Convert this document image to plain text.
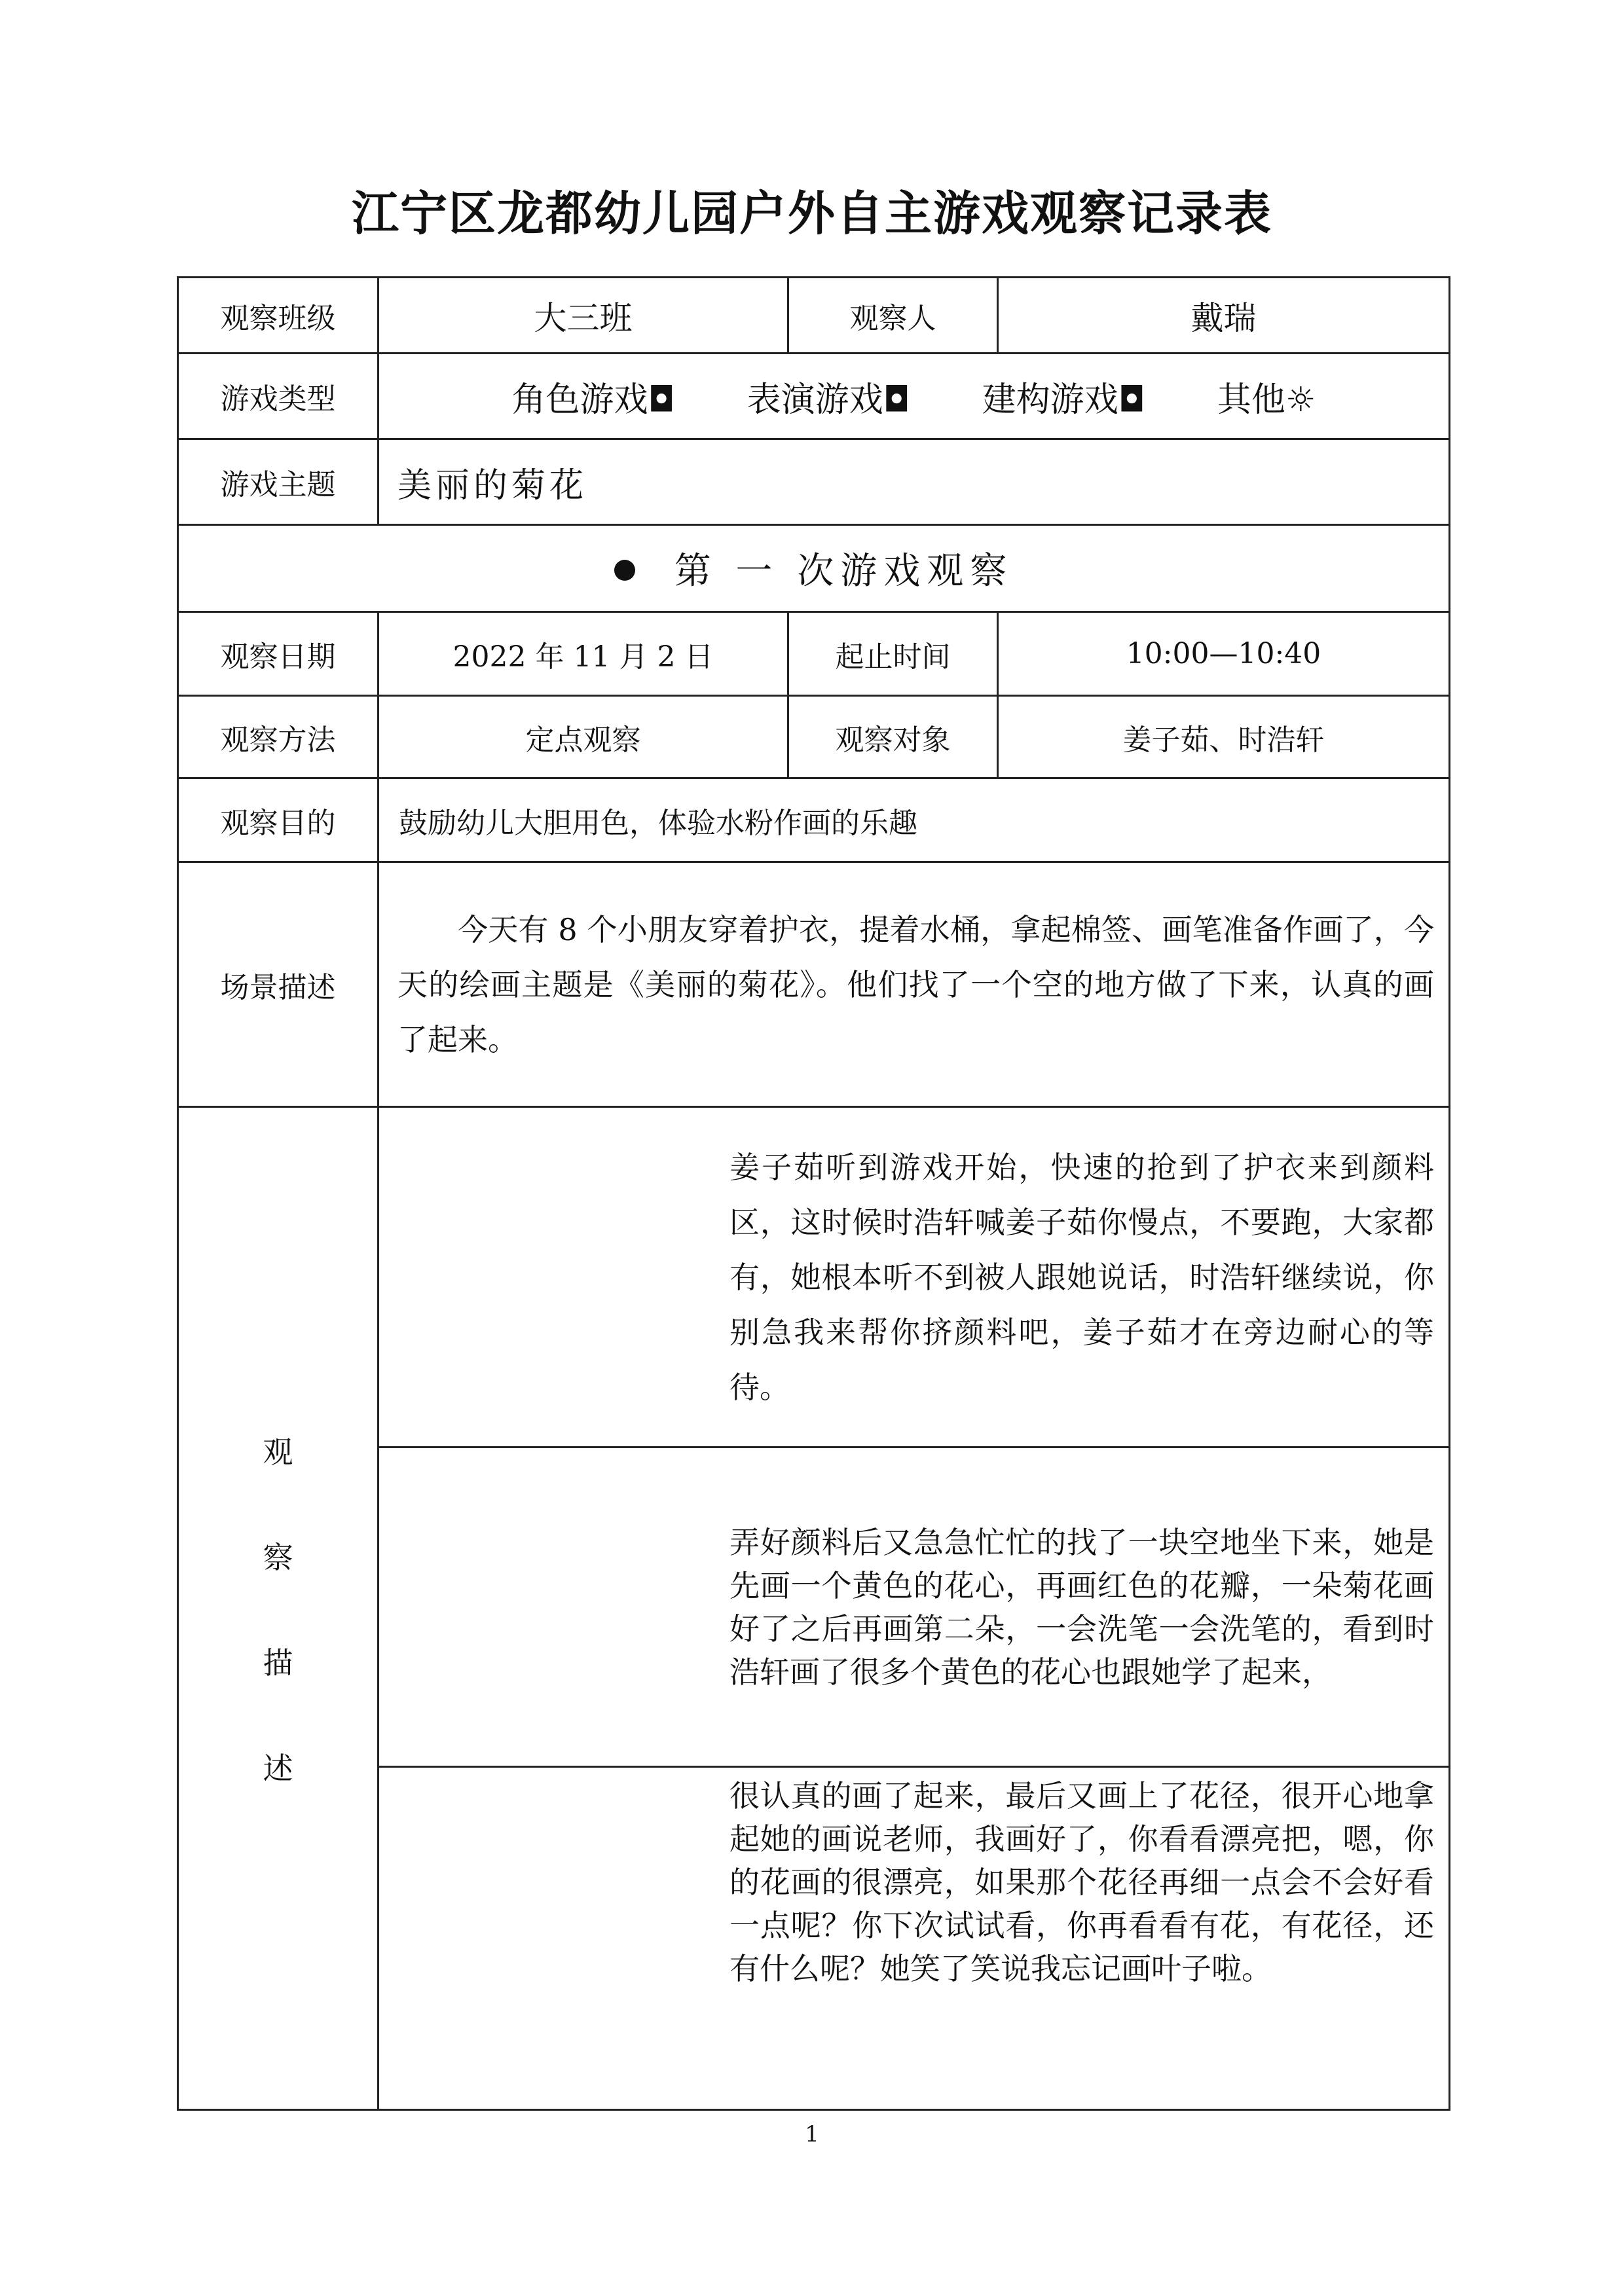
江宁区龙都幼儿园户外自主游戏观察记录表
观察班级	大三班	观察人	戴瑞
游戏类型	角色游戏◘ 表演游戏◘ 建构游戏◘ 其他☼		
游戏主题	美丽的菊花		
第 一 次游戏观察			
观察日期	2022 年 11 月 2 日	起止时间	10:00—10:40
观察方法	定点观察	观察对象	姜子茹、时浩轩
观察目的	鼓励幼儿大胆用色，体验水粉作画的乐趣		
场景描述	今天有 8 个小朋友穿着护衣，提着水桶，拿起棉签、画笔准备作画了，今天的绘画主题是《美丽的菊花》。他们找了一个空的地方做了下来，认真的画了起来。		

观
察
描
述	姜子茹听到游戏开始，快速的抢到了护衣来到颜料区，这时候时浩轩喊姜子茹你慢点，不要跑，大家都有，她根本听不到被人跟她说话，时浩轩继续说，你别急我来帮你挤颜料吧，姜子茹才在旁边耐心的等待。		
	弄好颜料后又急急忙忙的找了一块空地坐下来，她是先画一个黄色的花心，再画红色的花瓣，一朵菊花画好了之后再画第二朵，一会洗笔一会洗笔的，看到时浩轩画了很多个黄色的花心也跟她学了起来，		
	很认真的画了起来，最后又画上了花径，很开心地拿起她的画说老师，我画好了，你看看漂亮把，嗯，你的花画的很漂亮，如果那个花径再细一点会不会好看一点呢？你下次试试看，你再看看有花，有花径，还有什么呢？她笑了笑说我忘记画叶子啦。		
1
